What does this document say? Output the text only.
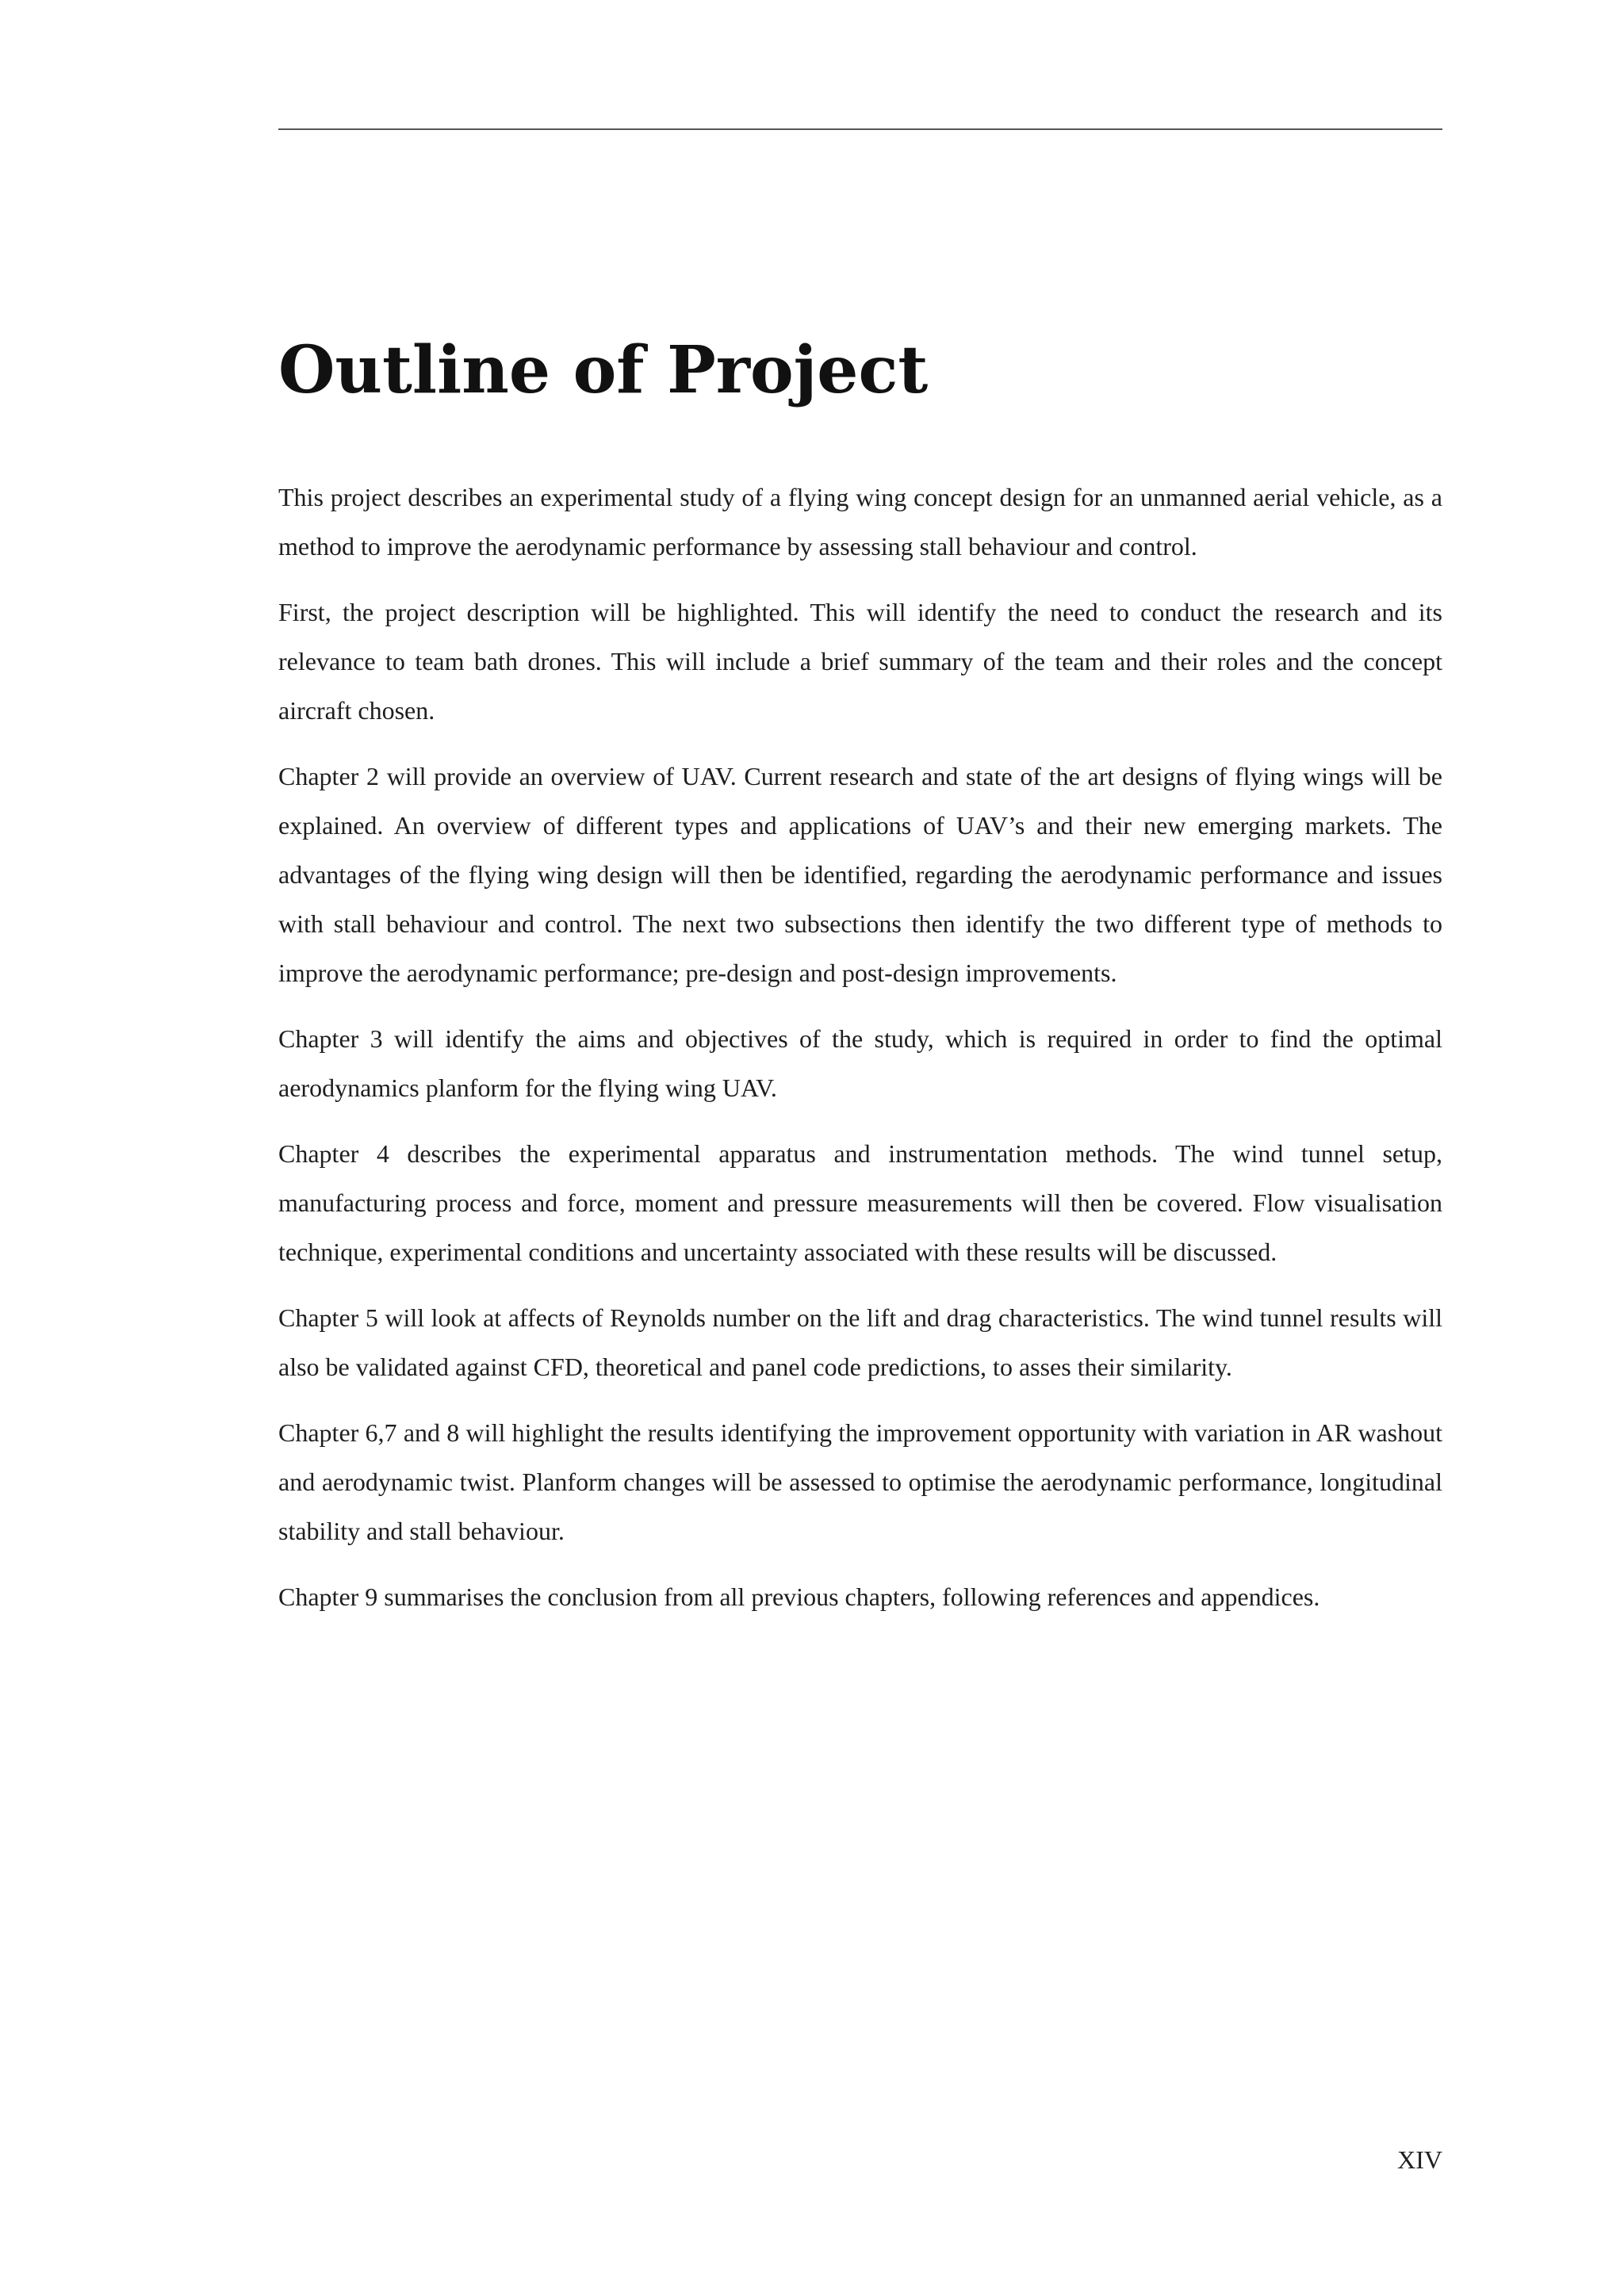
Outline of Project

This project describes an experimental study of a flying wing concept design for an unmanned aerial vehicle, as a method to improve the aerodynamic performance by assessing stall behaviour and control.

First, the project description will be highlighted. This will identify the need to conduct the research and its relevance to team bath drones. This will include a brief summary of the team and their roles and the concept aircraft chosen.

Chapter 2 will provide an overview of UAV. Current research and state of the art designs of flying wings will be explained. An overview of different types and applications of UAV’s and their new emerging markets. The advantages of the flying wing design will then be identified, regarding the aerodynamic performance and issues with stall behaviour and control. The next two subsections then identify the two different type of methods to improve the aerodynamic performance; pre-design and post-design improvements.

Chapter 3 will identify the aims and objectives of the study, which is required in order to find the optimal aerodynamics planform for the flying wing UAV.

Chapter 4 describes the experimental apparatus and instrumentation methods. The wind tunnel setup, manufacturing process and force, moment and pressure measurements will then be covered. Flow visualisation technique, experimental conditions and uncertainty associated with these results will be discussed.

Chapter 5 will look at affects of Reynolds number on the lift and drag characteristics. The wind tunnel results will also be validated against CFD, theoretical and panel code predictions, to asses their similarity.

Chapter 6,7 and 8 will highlight the results identifying the improvement opportunity with variation in AR washout and aerodynamic twist. Planform changes will be assessed to optimise the aerodynamic performance, longitudinal stability and stall behaviour.

Chapter 9 summarises the conclusion from all previous chapters, following references and appendices.

XIV
